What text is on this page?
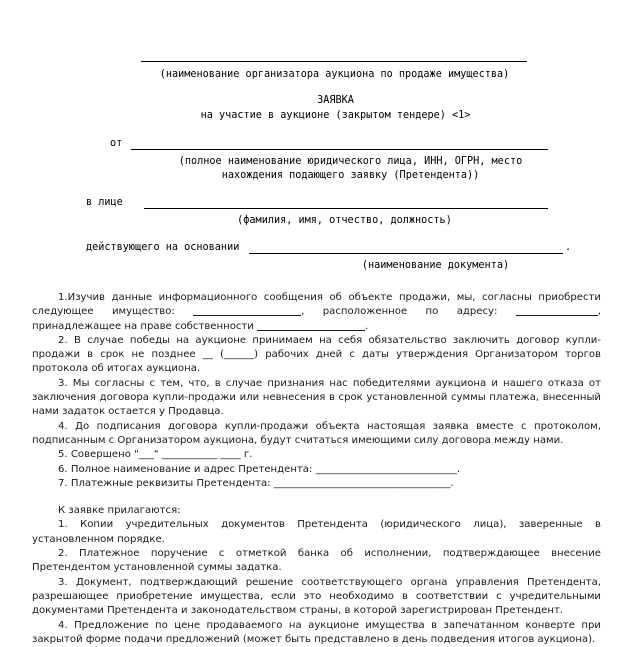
(наименование организатора аукциона по продаже имущества)
ЗАЯВКА
на участие в аукционе (закрытом тендере) <1>
от
(полное наименование юридического лица, ИНН, ОГРН, место
нахождения подающего заявку (Претендента))
в лице
(фамилия, имя, отчество, должность)
действующего на основании	.
(наименование документа)

1.Изучив данные информационного сообщения об объекте продажи, мы, согласны приобрести следующее имущество:	, расположенное по адресу:	, принадлежащее на праве собственности	.

2. В случае победы на аукционе принимаем на себя обязательство заключить договор купли-продажи в срок не позднее __ (______) рабочих дней с даты утверждения Организатором торгов протокола об итогах аукциона.

3. Мы согласны с тем, что, в случае признания нас победителями аукциона и нашего отказа от заключения договора купли-продажи или невнесения в срок установленной суммы платежа, внесенный нами задаток остается у Продавца.

4. До подписания договора купли-продажи объекта настоящая заявка вместе с протоколом, подписанным с Организатором аукциона, будут считаться имеющими силу договора между нами.

5. Совершено "___" ___________ ____ г.

6. Полное наименование и адрес Претендента: ____________________________.

7. Платежные реквизиты Претендента: ___________________________________.

К заявке прилагаются:

1. Копии учредительных документов Претендента (юридического лица), заверенные в установленном порядке.

2. Платежное поручение с отметкой банка об исполнении, подтверждающее внесение Претендентом установленной суммы задатка.

3. Документ, подтверждающий решение соответствующего органа управления Претендента, разрешающее приобретение имущества, если это необходимо в соответствии с учредительными документами Претендента и законодательством страны, в которой зарегистрирован Претендент.

4. Предложение по цене продаваемого на аукционе имущества в запечатанном конверте при закрытой форме подачи предложений (может быть представлено в день подведения итогов аукциона).
